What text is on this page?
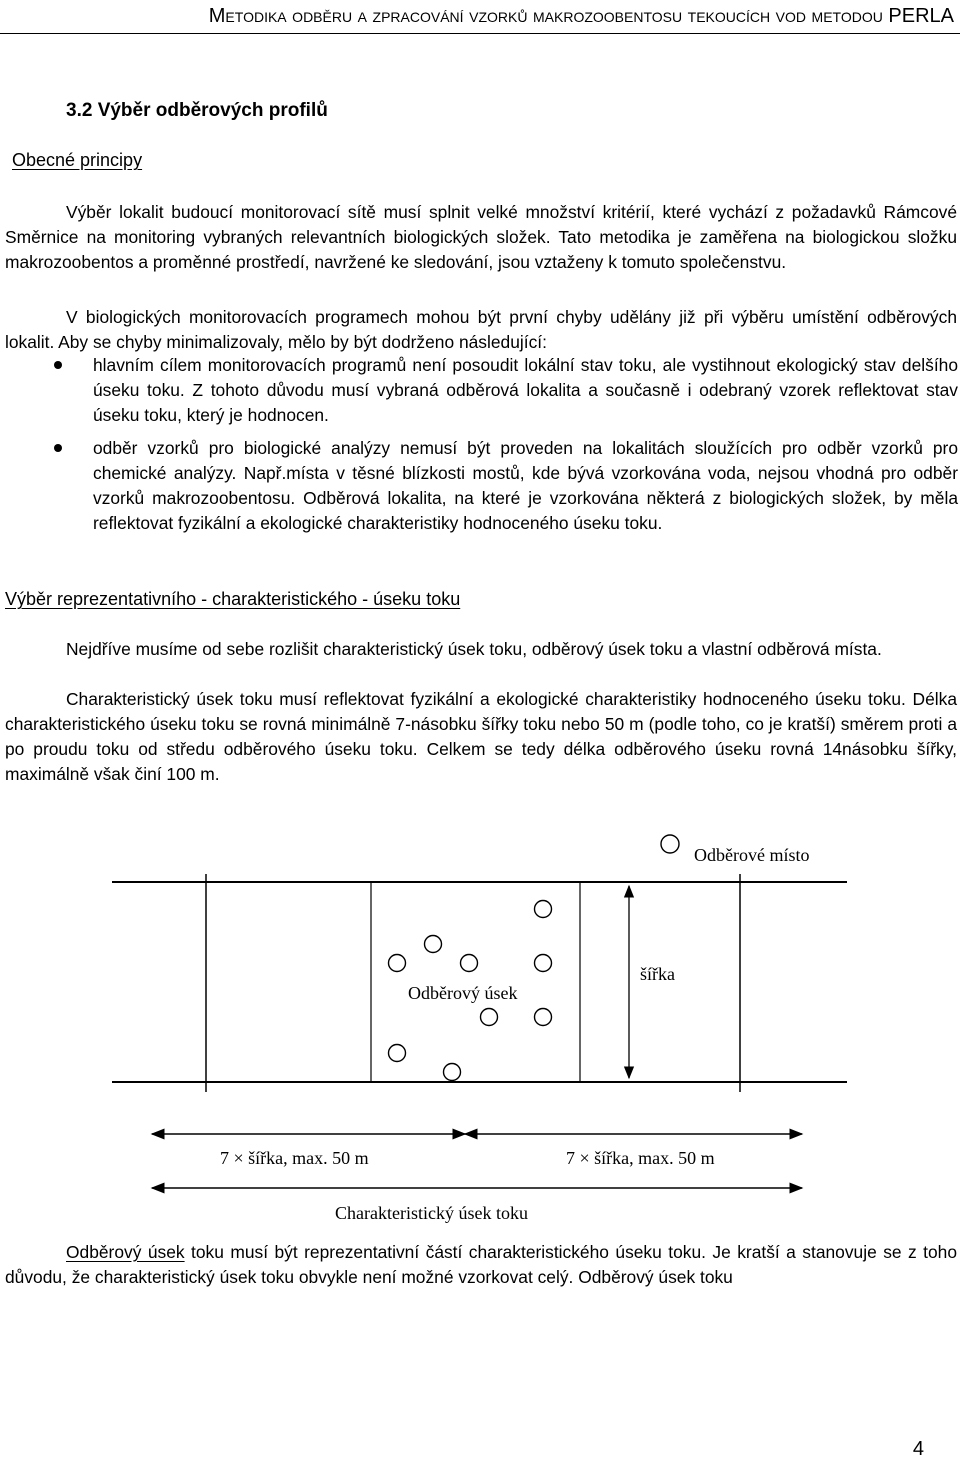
Metodika odběru a zpracování vzorků makrozoobentosu tekoucích vod metodou PERLA
3.2 Výběr odběrových profilů
Obecné principy

Výběr lokalit budoucí monitorovací sítě musí splnit velké množství kritérií, které vychází z požadavků Rámcové Směrnice na monitoring vybraných relevantních biologických složek. Tato metodika je zaměřena na biologickou složku makrozoobentos a proměnné prostředí, navržené ke sledování, jsou vztaženy k tomuto společenstvu.

V biologických monitorovacích programech mohou být první chyby udělány již při výběru umístění odběrových lokalit. Aby se chyby minimalizovaly, mělo by být dodrženo následující:

hlavním cílem monitorovacích programů není posoudit lokální stav toku, ale vystihnout ekologický stav delšího úseku toku. Z tohoto důvodu musí vybraná odběrová lokalita a současně i odebraný vzorek reflektovat stav úseku toku, který je hodnocen.
odběr vzorků pro biologické analýzy nemusí být proveden na lokalitách sloužících pro odběr vzorků pro chemické analýzy. Např.místa v těsné blízkosti mostů, kde bývá vzorkována voda, nejsou vhodná pro odběr vzorků makrozoobentosu. Odběrová lokalita, na které je vzorkována některá z biologických složek, by měla reflektovat fyzikální a ekologické charakteristiky hodnoceného úseku toku.
Výběr reprezentativního - charakteristického - úseku toku

Nejdříve musíme od sebe rozlišit charakteristický úsek toku, odběrový úsek toku a vlastní odběrová místa.

Charakteristický úsek toku musí reflektovat fyzikální a ekologické charakteristiky hodnoceného úseku toku. Délka charakteristického úseku toku se rovná minimálně 7-násobku šířky toku nebo 50 m (podle toho, co je kratší) směrem proti a po proudu toku od středu odběrového úseku toku. Celkem se tedy délka odběrového úseku rovná 14násobku šířky, maximálně však činí 100 m.

Odběrové místo
šířka
Odběrový úsek
7 × šířka, max. 50 m	7 × šířka, max. 50 m
Charakteristický úsek toku

Odběrový úsek toku musí být reprezentativní částí charakteristického úseku toku. Je kratší a stanovuje se z toho důvodu, že charakteristický úsek toku obvykle není možné vzorkovat celý. Odběrový úsek toku

4
